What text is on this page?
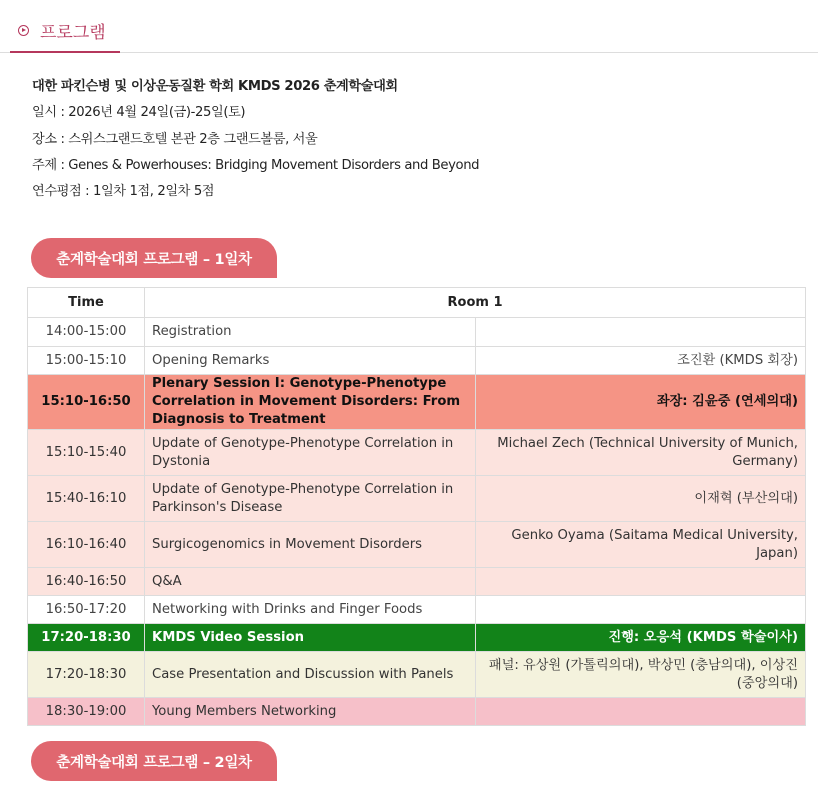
프로그램
대한 파킨슨병 및 이상운동질환 학회 KMDS 2026 춘계학술대회
일시 : 2026년 4월 24일(금)-25일(토)
장소 : 스위스그랜드호텔 본관 2층 그랜드볼룸, 서울
주제 : Genes & Powerhouses: Bridging Movement Disorders and Beyond
연수평점 : 1일차 1점, 2일차 5점
춘계학술대회 프로그램 – 1일차
Time	Room 1	
14:00-15:00	Registration	
15:00-15:10	Opening Remarks	조진환 (KMDS 회장)
15:10-16:50	Plenary Session I: Genotype-Phenotype Correlation in Movement Disorders: From Diagnosis to Treatment	좌장: 김윤중 (연세의대)
15:10-15:40	Update of Genotype-Phenotype Correlation in Dystonia	Michael Zech (Technical University of Munich, Germany)
15:40-16:10	Update of Genotype-Phenotype Correlation in Parkinson's Disease	이재혁 (부산의대)
16:10-16:40	Surgicogenomics in Movement Disorders	Genko Oyama (Saitama Medical University, Japan)
16:40-16:50	Q&A	
16:50-17:20	Networking with Drinks and Finger Foods	
17:20-18:30	KMDS Video Session	진행: 오응석 (KMDS 학술이사)
17:20-18:30	Case Presentation and Discussion with Panels	패널: 유상원 (가톨릭의대), 박상민 (충남의대), 이상진 (중앙의대)
18:30-19:00	Young Members Networking	
춘계학술대회 프로그램 – 2일차
